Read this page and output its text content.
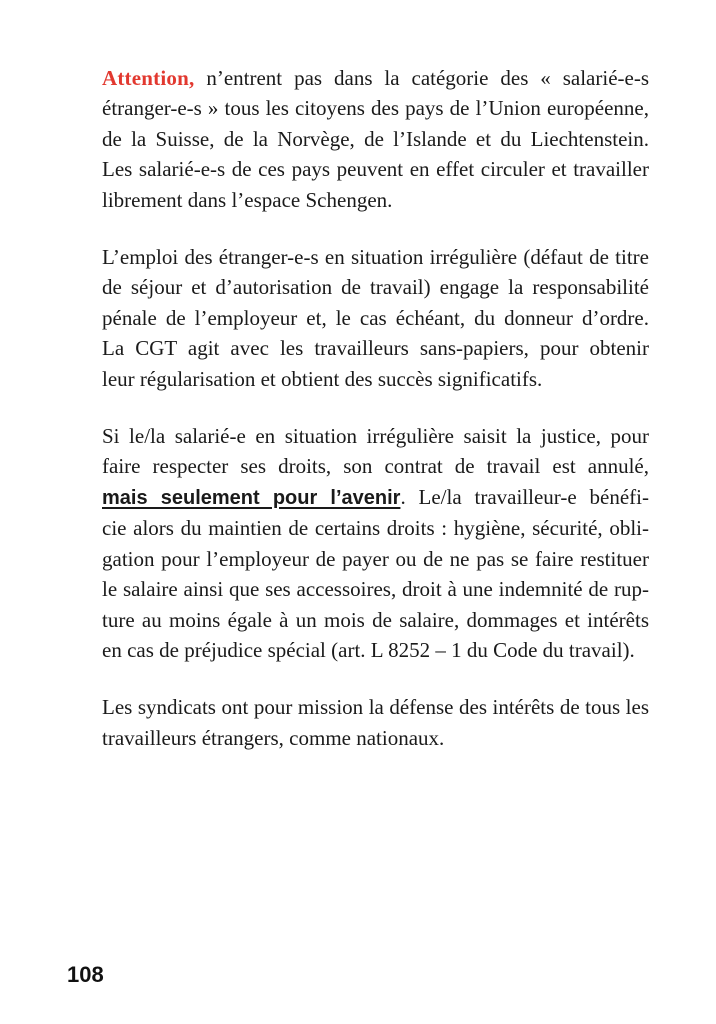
Attention, n’entrent pas dans la catégorie des « salarié-e-s
étranger-e-s » tous les citoyens des pays de l’Union européenne,
de la Suisse, de la Norvège, de l’Islande et du Liechtenstein.
Les salarié-e-s de ces pays peuvent en effet circuler et travailler
librement dans l’espace Schengen.

L’emploi des étranger-e-s en situation irrégulière (défaut de titre
de séjour et d’autorisation de travail) engage la responsabilité
pénale de l’employeur et, le cas échéant, du donneur d’ordre.
La CGT agit avec les travailleurs sans-papiers, pour obtenir
leur régularisation et obtient des succès significatifs.

Si le/la salarié-e en situation irrégulière saisit la justice, pour
faire respecter ses droits, son contrat de travail est annulé,
mais seulement pour l’avenir. Le/la travailleur-e bénéfi-
cie alors du maintien de certains droits : hygiène, sécurité, obli-
gation pour l’employeur de payer ou de ne pas se faire restituer
le salaire ainsi que ses accessoires, droit à une indemnité de rup-
ture au moins égale à un mois de salaire, dommages et intérêts
en cas de préjudice spécial (art. L 8252 – 1 du Code du travail).

Les syndicats ont pour mission la défense des intérêts de tous les
travailleurs étrangers, comme nationaux.

108
